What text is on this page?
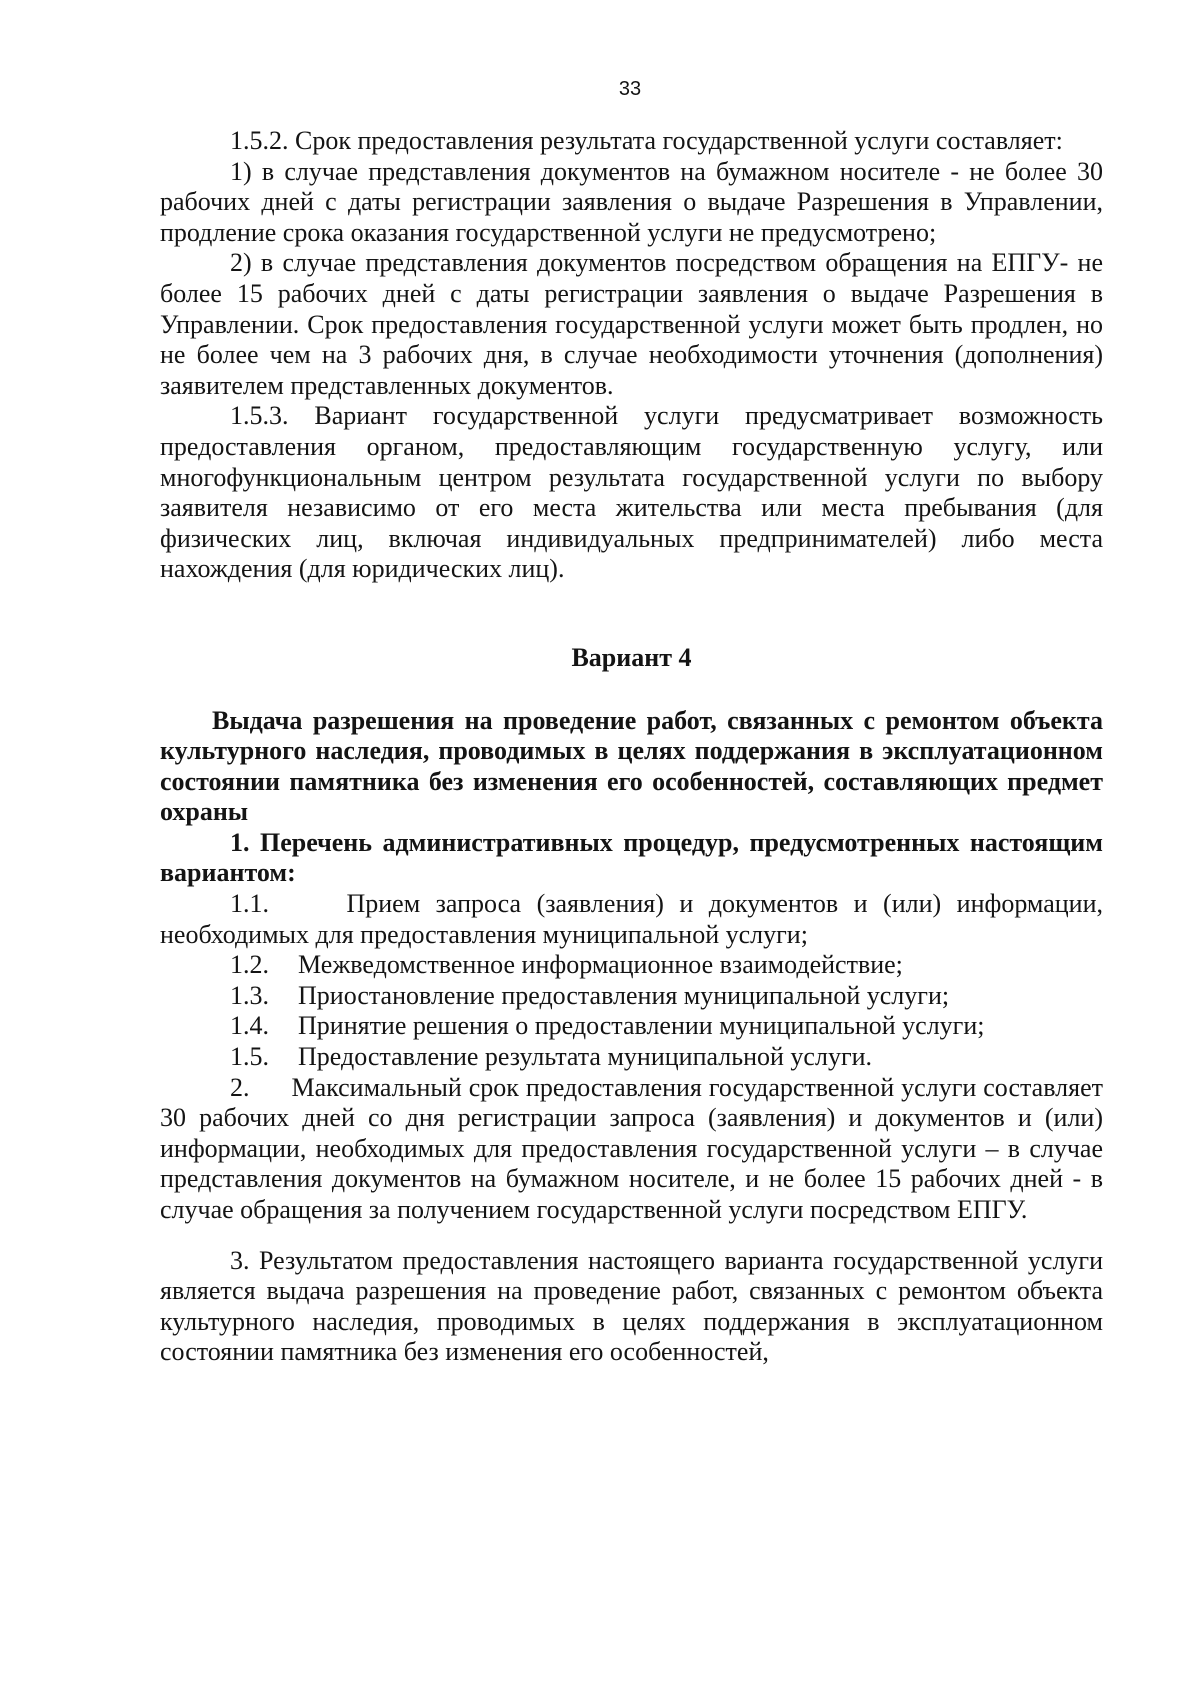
33

1.5.2. Срок предоставления результата государственной услуги составляет:

1) в случае представления документов на бумажном носителе - не более 30 рабочих дней с даты регистрации заявления о выдаче Разрешения в Управлении, продление срока оказания государственной услуги не предусмотрено;

2) в случае представления документов посредством обращения на ЕПГУ- не более 15 рабочих дней с даты регистрации заявления о выдаче Разрешения в Управлении. Срок предоставления государственной услуги может быть продлен, но не более чем на 3 рабочих дня, в случае необходимости уточнения (дополнения) заявителем представленных документов.

1.5.3. Вариант государственной услуги предусматривает возможность предоставления органом, предоставляющим государственную услугу, или многофункциональным центром результата государственной услуги по выбору заявителя независимо от его места жительства или места пребывания (для физических лиц, включая индивидуальных предпринимателей) либо места нахождения (для юридических лиц).

Вариант 4

Выдача разрешения на проведение работ, связанных с ремонтом объекта культурного наследия, проводимых в целях поддержания в эксплуатационном состоянии памятника без изменения его особенностей, составляющих предмет охраны

1. Перечень административных процедур, предусмотренных настоящим вариантом:

1.1.	Прием запроса (заявления) и документов и (или) информации, необходимых для предоставления муниципальной услуги;

1.2. Межведомственное информационное взаимодействие;

1.3. Приостановление предоставления муниципальной услуги;

1.4. Принятие решения о предоставлении муниципальной услуги;

1.5. Предоставление результата муниципальной услуги.

2.      Максимальный срок предоставления государственной услуги составляет 30 рабочих дней со дня регистрации запроса (заявления) и документов и (или) информации, необходимых для предоставления государственной услуги – в случае представления документов на бумажном носителе, и не более 15 рабочих дней - в случае обращения за получением государственной услуги посредством ЕПГУ.

3. Результатом предоставления настоящего варианта государственной услуги является выдача разрешения на проведение работ, связанных с ремонтом объекта культурного наследия, проводимых в целях поддержания в эксплуатационном состоянии памятника без изменения его особенностей,
